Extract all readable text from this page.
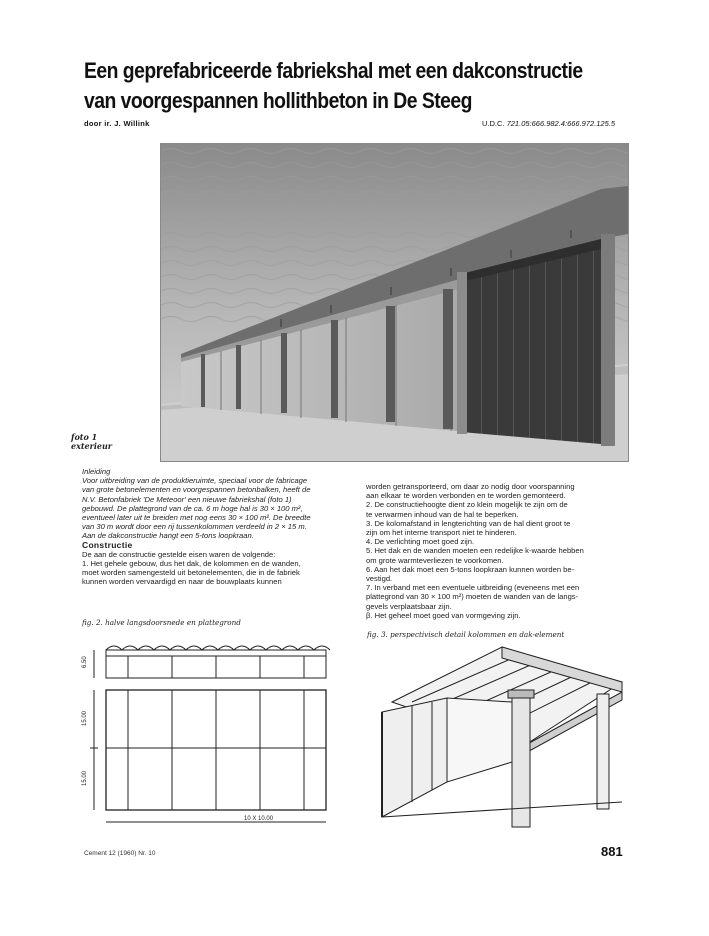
Een geprefabriceerde fabriekshal met een dakconstructie
van voorgespannen hollithbeton in De Steeg
door ir. J. Willink	U.D.C. 721.05:666.982.4:666.972.125.5
foto 1
exterieur

Inleiding

Voor uitbreiding van de produktieruimte, speciaal voor de fabricage

van grote betonelementen en voorgespannen betonbalken, heeft de

N.V. Betonfabriek 'De Meteoor' een nieuwe fabriekshal (foto 1)

gebouwd. De plattegrond van de ca. 6 m hoge hal is 30 × 100 m²,

eventueel later uit te breiden met nog eens 30 × 100 m². De breedte

van 30 m wordt door een rij tussenkolommen verdeeld in 2 × 15 m.

Aan de dakconstructie hangt een 5-tons loopkraan.

Constructie

De aan de constructie gestelde eisen waren de volgende:

1. Het gehele gebouw, dus het dak, de kolommen en de wanden,

moet worden samengesteld uit betonelementen, die in de fabriek

kunnen worden vervaardigd en naar de bouwplaats kunnen

worden getransporteerd, om daar zo nodig door voorspanning

aan elkaar te worden verbonden en te worden gemonteerd.

2. De constructiehoogte dient zo klein mogelijk te zijn om de

te verwarmen inhoud van de hal te beperken.

3. De kolomafstand in lengterichting van de hal dient groot te

zijn om het interne transport niet te hinderen.

4. De verlichting moet goed zijn.

5. Het dak en de wanden moeten een redelijke k-waarde hebben

om grote warmteverliezen te voorkomen.

6. Aan het dak moet een 5-tons loopkraan kunnen worden be-

vestigd.

7. In verband met een eventuele uitbreiding (eveneens met een

plattegrond van 30 × 100 m²) moeten de wanden van de langs-

gevels verplaatsbaar zijn.

β. Het geheel moet goed van vormgeving zijn.

fig. 2. halve langsdoorsnede en plattegrond
6.50
15.00
15.00
10 X 10.00
fig. 3. perspectivisch detail kolommen en dak-element
Cement 12 (1960) Nr. 10	881
